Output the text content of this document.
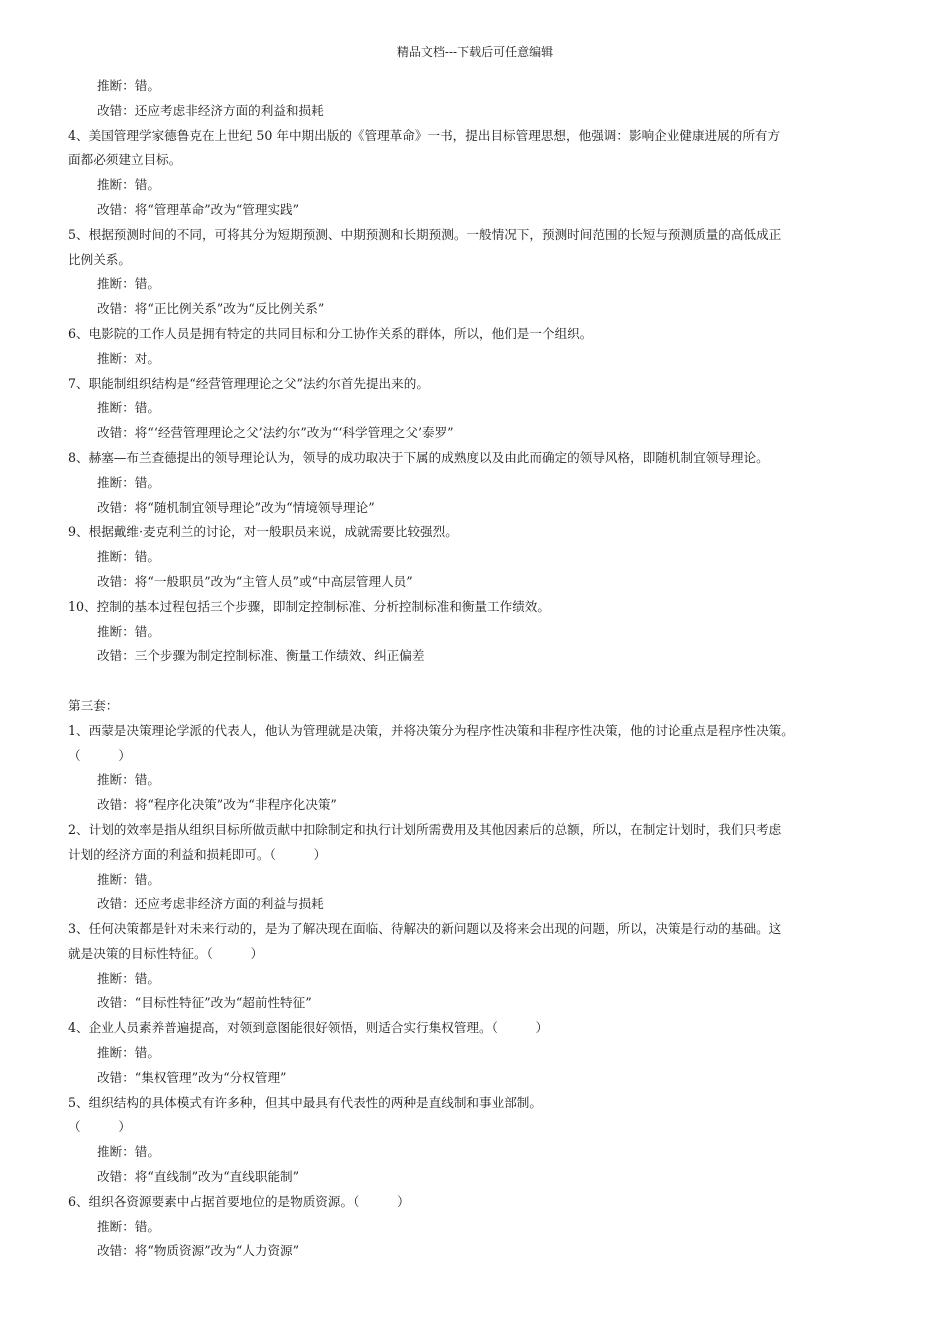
精品文档---下载后可任意编辑
推断：错。
改错：还应考虑非经济方面的利益和损耗
4、美国管理学家德鲁克在上世纪 50 年中期出版的《管理革命》一书，提出目标管理思想，他强调：影响企业健康进展的所有方
面都必须建立目标。
推断：错。
改错：将“管理革命”改为“管理实践”
5、根据预测时间的不同，可将其分为短期预测、中期预测和长期预测。一般情况下，预测时间范围的长短与预测质量的高低成正
比例关系。
推断：错。
改错：将“正比例关系”改为“反比例关系”
6、电影院的工作人员是拥有特定的共同目标和分工协作关系的群体，所以，他们是一个组织。
推断：对。
7、职能制组织结构是“经营管理理论之父”法约尔首先提出来的。
推断：错。
改错：将“‘经营管理理论之父’法约尔”改为“‘科学管理之父’泰罗”
8、赫塞—布兰查德提出的领导理论认为，领导的成功取决于下属的成熟度以及由此而确定的领导风格，即随机制宜领导理论。
推断：错。
改错：将“随机制宜领导理论”改为“情境领导理论”
9、根据戴维·麦克利兰的讨论，对一般职员来说，成就需要比较强烈。
推断：错。
改错：将“一般职员”改为“主管人员”或“中高层管理人员”
10、控制的基本过程包括三个步骤，即制定控制标准、分析控制标准和衡量工作绩效。
推断：错。
改错：三个步骤为制定控制标准、衡量工作绩效、纠正偏差
第三套：
1、西蒙是决策理论学派的代表人，他认为管理就是决策，并将决策分为程序性决策和非程序性决策，他的讨论重点是程序性决策。
（　　　）
推断：错。
改错：将“程序化决策”改为“非程序化决策”
2、计划的效率是指从组织目标所做贡献中扣除制定和执行计划所需费用及其他因素后的总额，所以，在制定计划时，我们只考虑
计划的经济方面的利益和损耗即可。（　　　）
推断：错。
改错：还应考虑非经济方面的利益与损耗
3、任何决策都是针对未来行动的，是为了解决现在面临、待解决的新问题以及将来会出现的问题，所以，决策是行动的基础。这
就是决策的目标性特征。（　　　）
推断：错。
改错：“目标性特征”改为“超前性特征”
4、企业人员素养普遍提高，对领到意图能很好领悟，则适合实行集权管理。（　　　）
推断：错。
改错：“集权管理”改为“分权管理”
5、组织结构的具体模式有许多种，但其中最具有代表性的两种是直线制和事业部制。
（　　　）
推断：错。
改错：将“直线制”改为“直线职能制”
6、组织各资源要素中占据首要地位的是物质资源。（　　　）
推断：错。
改错：将“物质资源”改为“人力资源”
